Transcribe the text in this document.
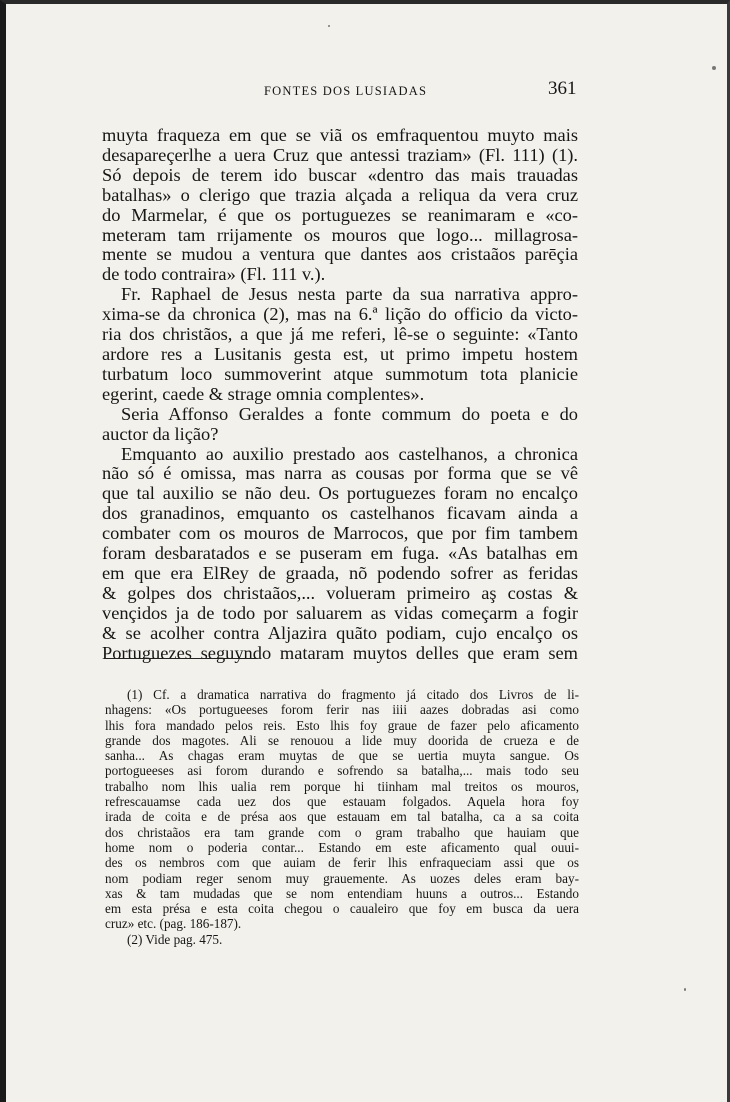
FONTES DOS LUSIADAS	361
muyta fraqueza em que se viã os emfraquentou muyto mais
desapareçerlhe a uera Cruz que antessi traziam» (Fl. 111) (1).
Só depois de terem ido buscar «dentro das mais trauadas
batalhas» o clerigo que trazia alçada a reliqua da vera cruz
do Marmelar, é que os portuguezes se reanimaram e «co-
meteram tam rrijamente os mouros que logo... millagrosa-
mente se mudou a ventura que dantes aos cristaãos parēçia
de todo contraira» (Fl. 111 v.).
Fr. Raphael de Jesus nesta parte da sua narrativa appro-
xima-se da chronica (2), mas na 6.ª lição do officio da victo-
ria dos christãos, a que já me referi, lê-se o seguinte: «Tanto
ardore res a Lusitanis gesta est, ut primo impetu hostem
turbatum loco summoverint atque summotum tota planicie
egerint, caede & strage omnia complentes».
Seria Affonso Geraldes a fonte commum do poeta e do
auctor da lição?
Emquanto ao auxilio prestado aos castelhanos, a chronica
não só é omissa, mas narra as cousas por forma que se vê
que tal auxilio se não deu. Os portuguezes foram no encalço
dos granadinos, emquanto os castelhanos ficavam ainda a
combater com os mouros de Marrocos, que por fim tambem
foram desbaratados e se puseram em fuga. «As batalhas em
em que era ElRey de graada, nõ podendo sofrer as feridas
& golpes dos christaãos,... volueram primeiro aş costas &
vençidos ja de todo por saluarem as vidas começarm a fogir
& se acolher contra Aljazira quãto podiam, cujo encalço os
Portuguezes seguyndo mataram muytos delles que eram sem
(1) Cf. a dramatica narrativa do fragmento já citado dos Livros de li-
nhagens: «Os portugueeses forom ferir nas iiii aazes dobradas asi como
lhis fora mandado pelos reis. Esto lhis foy graue de fazer pelo aficamento
grande dos magotes. Ali se renouou a lide muy doorida de crueza e de
sanha... As chagas eram muytas de que se uertia muyta sangue. Os
portogueeses asi forom durando e sofrendo sa batalha,... mais todo seu
trabalho nom lhis ualia rem porque hi tiinham mal treitos os mouros,
refrescauamse cada uez dos que estauam folgados. Aquela hora foy
irada de coita e de présa aos que estauam em tal batalha, ca a sa coita
dos christaãos era tam grande com o gram trabalho que hauiam que
home nom o poderia contar... Estando em este aficamento qual ouui-
des os nembros com que auiam de ferir lhis enfraqueciam assi que os
nom podiam reger senom muy grauemente. As uozes deles eram bay-
xas & tam mudadas que se nom entendiam huuns a outros... Estando
em esta présa e esta coita chegou o caualeiro que foy em busca da uera
cruz» etc. (pag. 186-187).
(2) Vide pag. 475.
